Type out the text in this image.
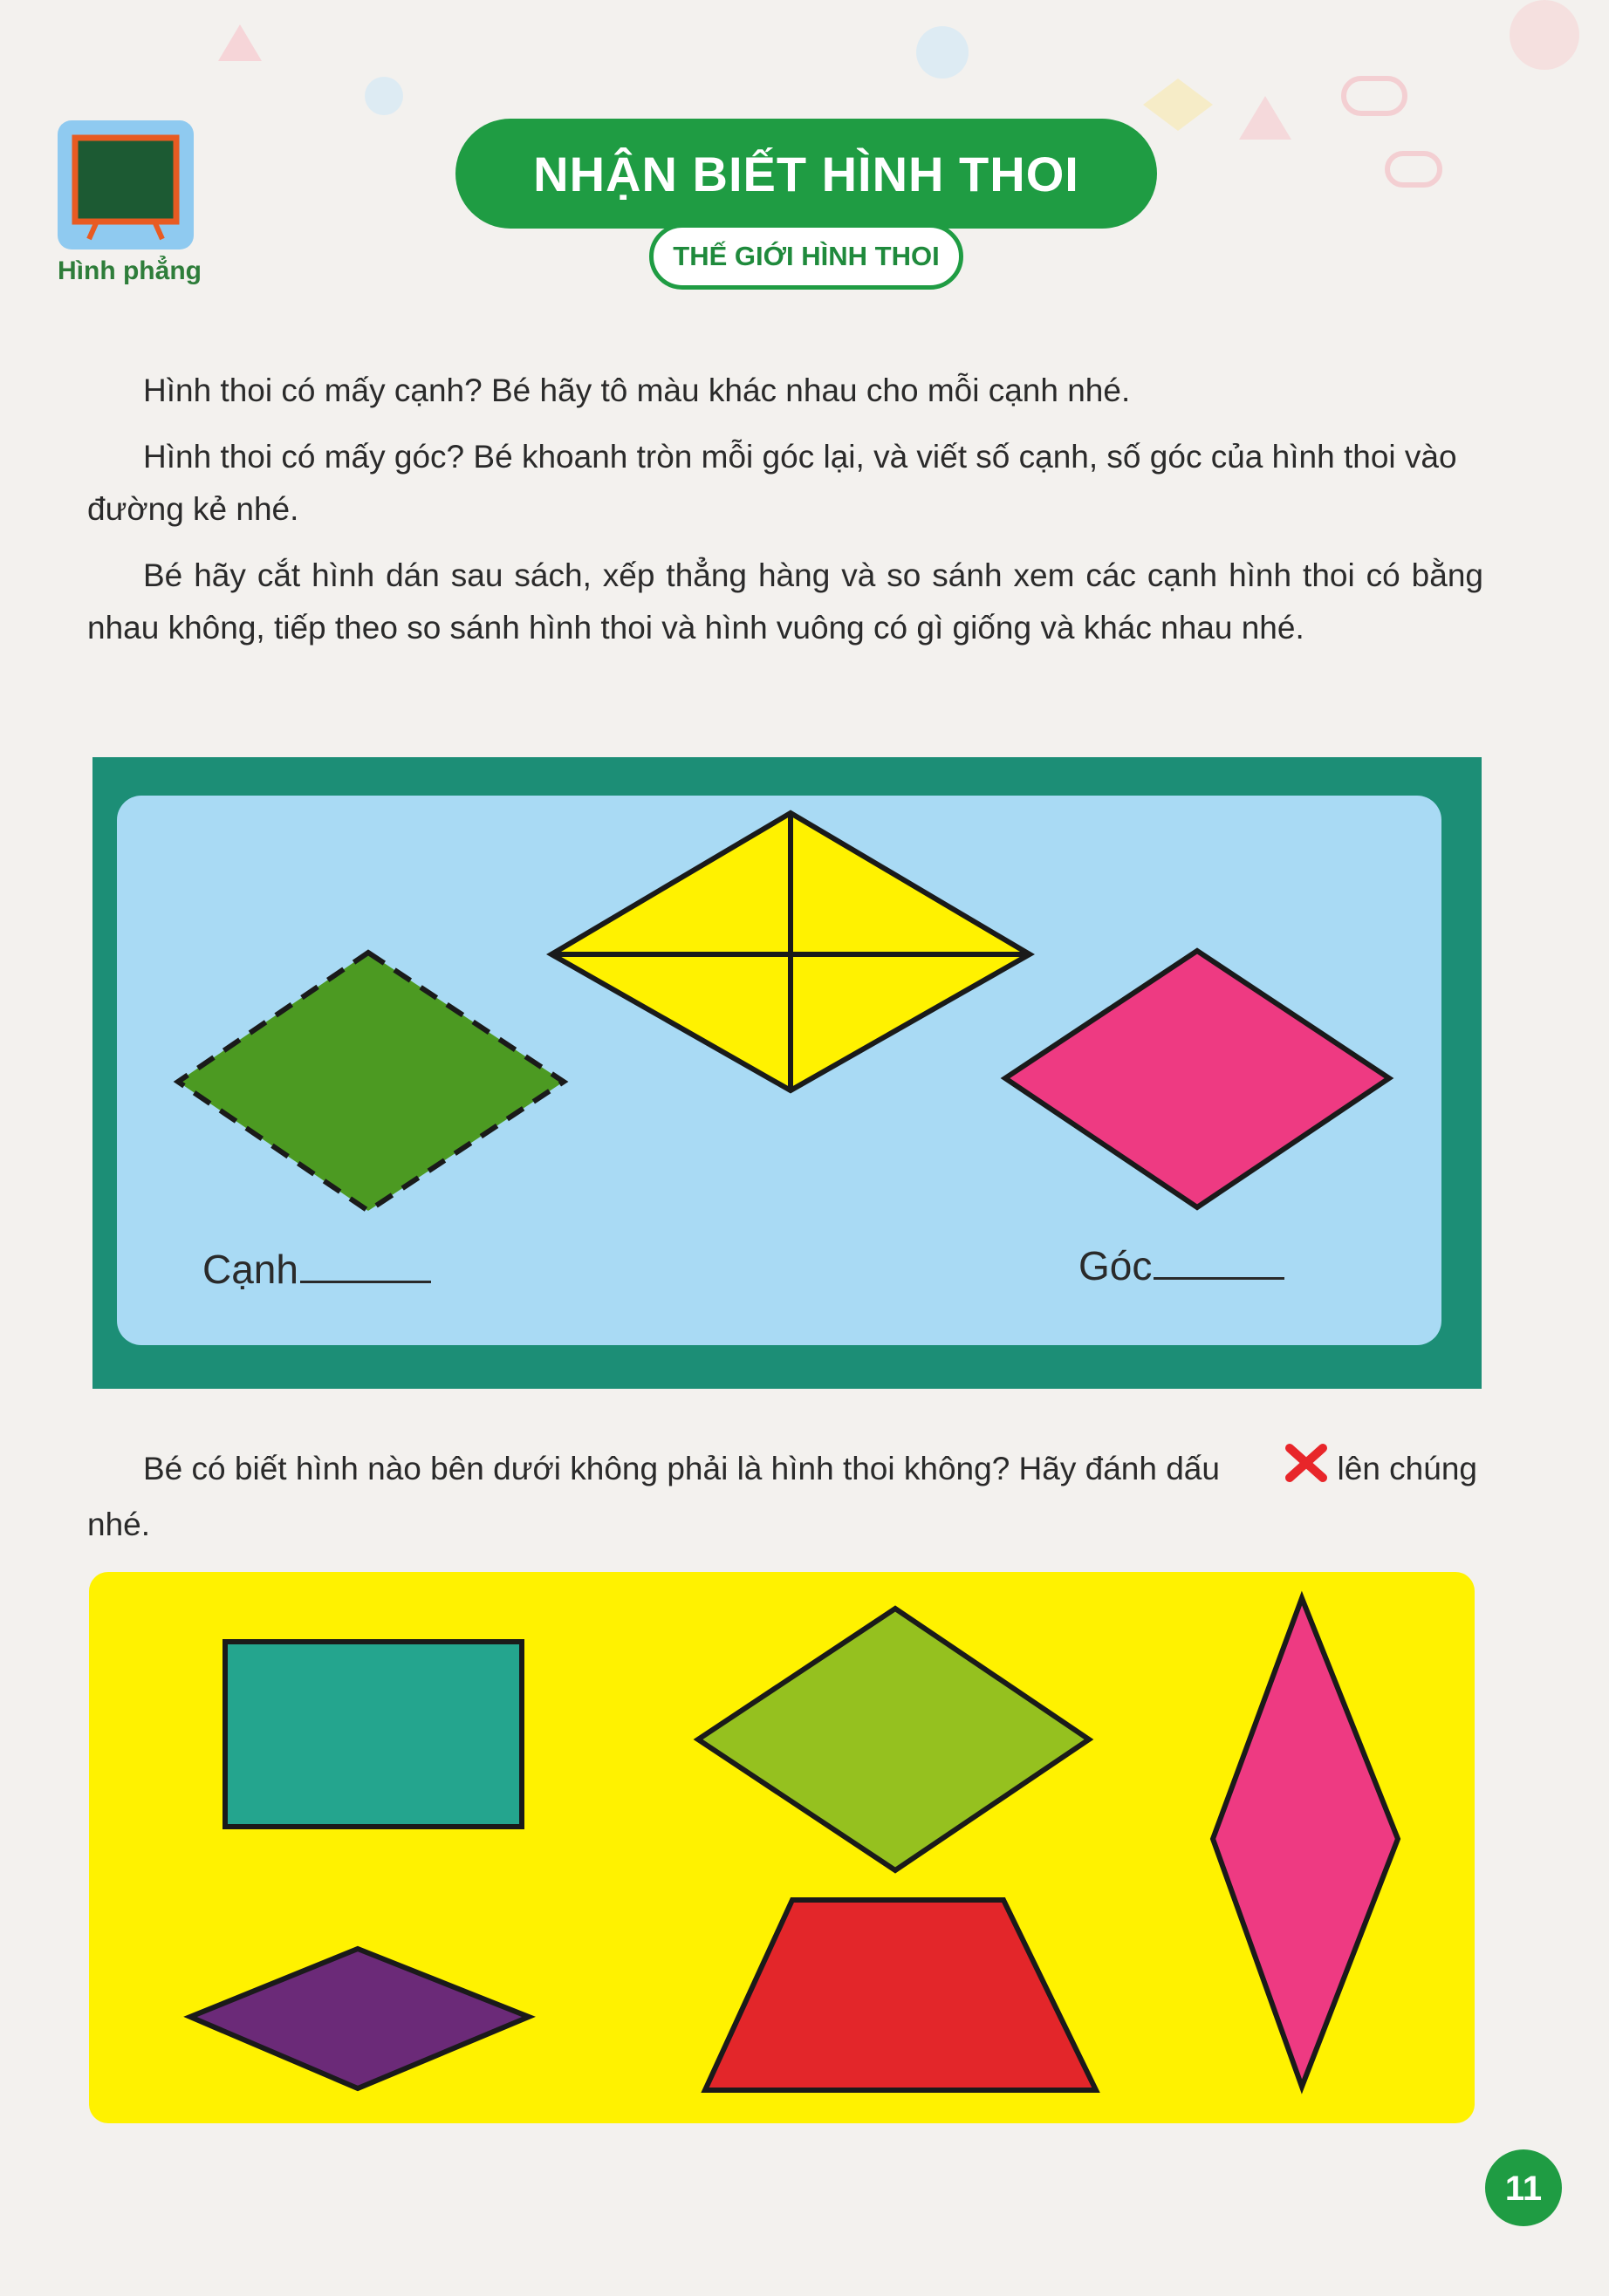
Hình phẳng
NHẬN BIẾT HÌNH THOI
THẾ GIỚI HÌNH THOI
Hình thoi có mấy cạnh? Bé hãy tô màu khác nhau cho mỗi cạnh nhé.
Hình thoi có mấy góc? Bé khoanh tròn mỗi góc lại, và viết số cạnh, số góc của hình thoi vào đường kẻ nhé.
Bé hãy cắt hình dán sau sách, xếp thẳng hàng và so sánh xem các cạnh hình thoi có bằng nhau không, tiếp theo so sánh hình thoi và hình vuông có gì giống và khác nhau nhé.
Cạnh	Góc
Bé có biết hình nào bên dưới không phải là hình thoi không? Hãy đánh dấu	lên chúng nhé.
11
